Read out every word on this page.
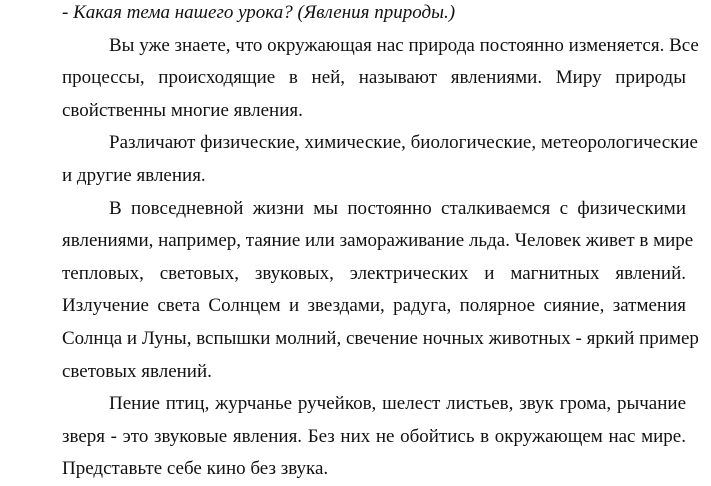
- Какая тема нашего урока? (Явления природы.)
Вы уже знаете, что окружающая нас природа постоянно изменяется. Все
процессы, происходящие в ней, называют явлениями. Миру природы
свойственны многие явления.
Различают физические, химические, биологические, метеорологические
и другие явления.
В повседневной жизни мы постоянно сталкиваемся с физическими
явлениями, например, таяние или замораживание льда. Человек живет в мире
тепловых, световых, звуковых, электрических и магнитных явлений.
Излучение света Солнцем и звездами, радуга, полярное сияние, затмения
Солнца и Луны, вспышки молний, свечение ночных животных - яркий пример
световых явлений.
Пение птиц, журчанье ручейков, шелест листьев, звук грома, рычание
зверя - это звуковые явления. Без них не обойтись в окружающем нас мире.
Представьте себе кино без звука.
